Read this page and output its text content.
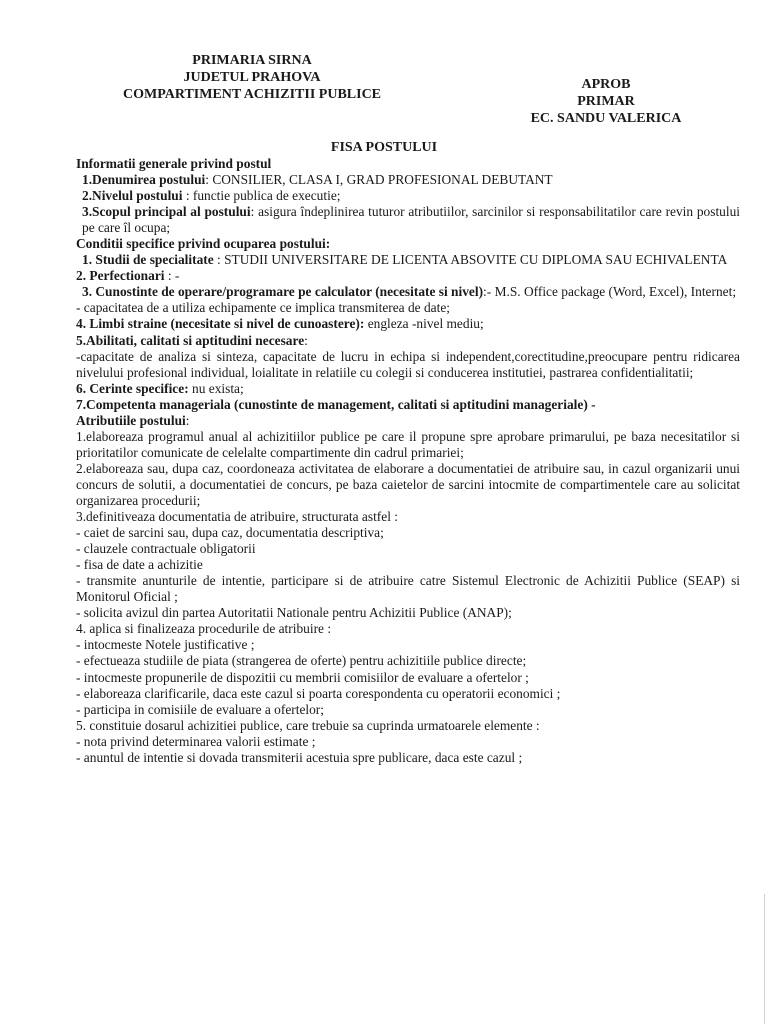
PRIMARIA SIRNA
JUDETUL PRAHOVA
COMPARTIMENT ACHIZITII PUBLICE
APROB
PRIMAR
EC. SANDU VALERICA
FISA POSTULUI

Informatii generale privind postul

1.Denumirea postului: CONSILIER, CLASA I, GRAD PROFESIONAL DEBUTANT

2.Nivelul postului : functie publica de executie;

3.Scopul principal al postului: asigura îndeplinirea tuturor atributiilor, sarcinilor si responsabilitatilor care revin postului pe care îl ocupa;

Conditii specifice privind ocuparea postului:

1. Studii de specialitate : STUDII UNIVERSITARE DE LICENTA ABSOVITE CU DIPLOMA SAU ECHIVALENTA

2. Perfectionari : -

3. Cunostinte de operare/programare pe calculator (necesitate si nivel):- M.S. Office package (Word, Excel), Internet;

- capacitatea de a utiliza echipamente ce implica transmiterea de date;

4. Limbi straine (necesitate si nivel de cunoastere): engleza -nivel mediu;

5.Abilitati, calitati si aptitudini necesare:

-capacitate de analiza si sinteza, capacitate de lucru in echipa si independent,corectitudine,preocupare pentru ridicarea nivelului profesional individual, loialitate in relatiile cu colegii si conducerea institutiei, pastrarea confidentialitatii;

6. Cerinte specifice: nu exista;

7.Competenta manageriala (cunostinte de management, calitati si aptitudini manageriale) -

Atributiile postului:

1.elaboreaza programul anual al achizitiilor publice pe care il propune spre aprobare primarului, pe baza necesitatilor si prioritatilor comunicate de celelalte compartimente din cadrul primariei;

2.elaboreaza sau, dupa caz, coordoneaza activitatea de elaborare a documentatiei de atribuire sau, in cazul organizarii unui concurs de solutii, a documentatiei de concurs, pe baza caietelor de sarcini intocmite de compartimentele care au solicitat organizarea procedurii;

3.definitiveaza documentatia de atribuire, structurata astfel :

- caiet de sarcini sau, dupa caz, documentatia descriptiva;

- clauzele contractuale obligatorii

- fisa de date a achizitie

- transmite anunturile de intentie, participare si de atribuire catre Sistemul Electronic de Achizitii Publice (SEAP) si Monitorul Oficial ;

- solicita avizul din partea Autoritatii Nationale pentru Achizitii Publice (ANAP);

4. aplica si finalizeaza procedurile de atribuire :

- intocmeste Notele justificative ;

- efectueaza studiile de piata (strangerea de oferte) pentru achizitiile publice directe;

- intocmeste propunerile de dispozitii cu membrii comisiilor de evaluare a ofertelor ;

- elaboreaza clarificarile, daca este cazul si poarta corespondenta cu operatorii economici ;

- participa in comisiile de evaluare a ofertelor;

5. constituie dosarul achizitiei publice, care trebuie sa cuprinda urmatoarele elemente :

- nota privind determinarea valorii estimate ;

- anuntul de intentie si dovada transmiterii acestuia spre publicare, daca este cazul ;
